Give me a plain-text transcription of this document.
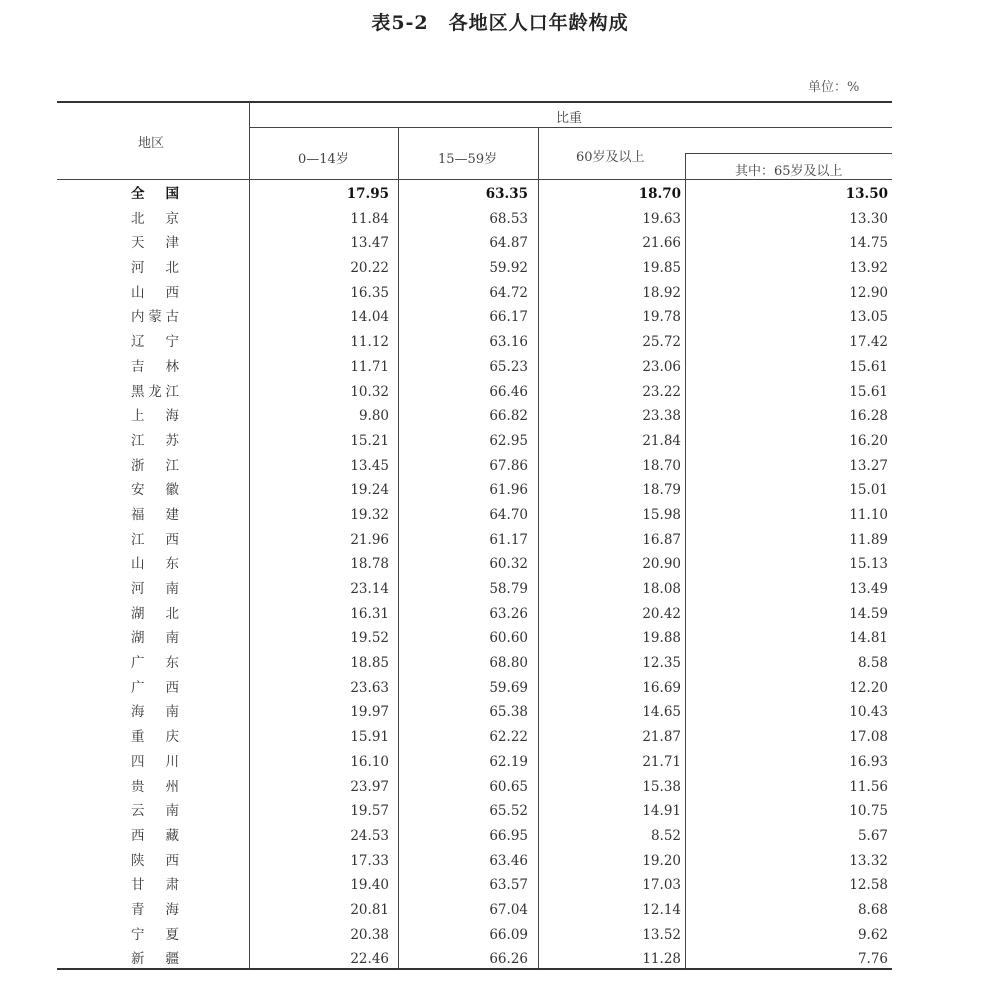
表5-2　各地区人口年龄构成
单位：%
地区
比重
0—14岁	15—59岁	60岁及以上
其中：65岁及以上
全国	17.95	63.35	18.70	13.50
北京	11.84	68.53	19.63	13.30
天津	13.47	64.87	21.66	14.75
河北	20.22	59.92	19.85	13.92
山西	16.35	64.72	18.92	12.90
内蒙古	14.04	66.17	19.78	13.05
辽宁	11.12	63.16	25.72	17.42
吉林	11.71	65.23	23.06	15.61
黑龙江	10.32	66.46	23.22	15.61
上海	9.80	66.82	23.38	16.28
江苏	15.21	62.95	21.84	16.20
浙江	13.45	67.86	18.70	13.27
安徽	19.24	61.96	18.79	15.01
福建	19.32	64.70	15.98	11.10
江西	21.96	61.17	16.87	11.89
山东	18.78	60.32	20.90	15.13
河南	23.14	58.79	18.08	13.49
湖北	16.31	63.26	20.42	14.59
湖南	19.52	60.60	19.88	14.81
广东	18.85	68.80	12.35	8.58
广西	23.63	59.69	16.69	12.20
海南	19.97	65.38	14.65	10.43
重庆	15.91	62.22	21.87	17.08
四川	16.10	62.19	21.71	16.93
贵州	23.97	60.65	15.38	11.56
云南	19.57	65.52	14.91	10.75
西藏	24.53	66.95	8.52	5.67
陕西	17.33	63.46	19.20	13.32
甘肃	19.40	63.57	17.03	12.58
青海	20.81	67.04	12.14	8.68
宁夏	20.38	66.09	13.52	9.62
新疆	22.46	66.26	11.28	7.76
